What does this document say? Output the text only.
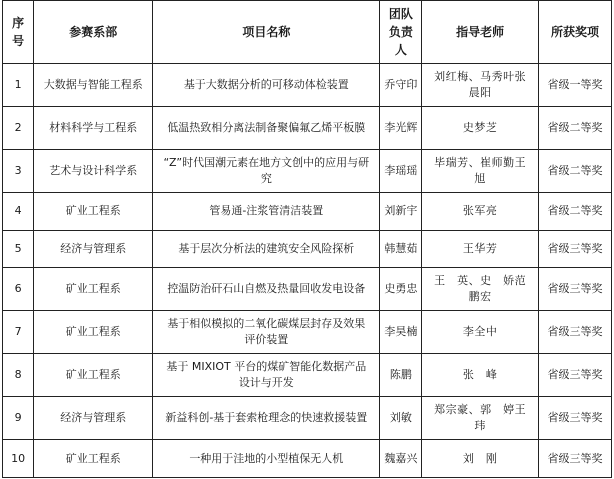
序号	参赛系部	项目名称	团队负责人	指导老师	所获奖项

1	大数据与智能工程系	基于大数据分析的可移动体检装置	乔守印	刘红梅、马秀叶张晨阳	省级一等奖

2	材料科学与工程系	低温热致相分离法制备聚偏氟乙烯平板膜	李光辉	史梦芝	省级二等奖

3	艺术与设计科学系	“Z”时代国潮元素在地方文创中的应用与研究	李瑶瑶	毕瑞芳、崔师勤王　旭	省级二等奖

4	矿业工程系	管易通-注浆管清洁装置	刘新宇	张军亮	省级二等奖

5	经济与管理系	基于层次分析法的建筑安全风险探析	韩慧茹	王华芳	省级三等奖

6	矿业工程系	控温防治矸石山自燃及热量回收发电设备	史勇忠	王　英、史　娇范鹏宏	省级三等奖

7	矿业工程系	基于相似模拟的二氧化碳煤层封存及效果评价装置	李昊楠	李全中	省级三等奖

8	矿业工程系	基于 MIXIOT 平台的煤矿智能化数据产品设计与开发	陈鹏	张　峰	省级三等奖

9	经济与管理系	新益科创-基于套索枪理念的快速救援装置	刘敏	郑宗豪、郭　婷王　玮	省级三等奖

10	矿业工程系	一种用于洼地的小型植保无人机	魏嘉兴	刘　刚	省级三等奖
